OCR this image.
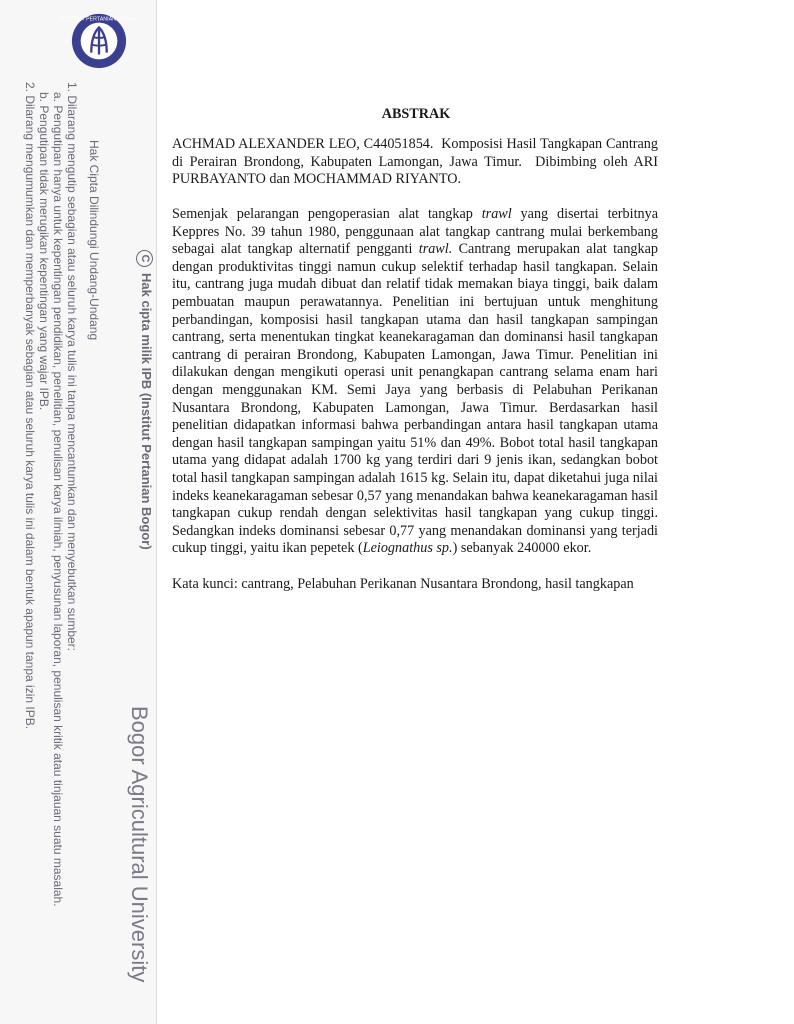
INSTITUT PERTANIAN BOGOR
Bogor Agricultural University
CHak cipta milik IPB (Institut Pertanian Bogor)
Hak Cipta Dilindungi Undang-Undang
1. Dilarang mengutip sebagian atau seluruh karya tulis ini tanpa mencantumkan dan menyebutkan sumber:
a. Pengutipan hanya untuk kepentingan pendidikan, penelitian, penulisan karya ilmiah, penyusunan laporan, penulisan kritik atau tinjauan suatu masalah.
b. Pengutipan tidak merugikan kepentingan yang wajar IPB.
2. Dilarang mengumumkan dan memperbanyak sebagian atau seluruh karya tulis ini dalam bentuk apapun tanpa izin IPB.	ABSTRAK

ACHMAD ALEXANDER LEO, C44051854. Komposisi Hasil Tangkapan Cantrang di Perairan Brondong, Kabupaten Lamongan, Jawa Timur. Dibimbing oleh ARI PURBAYANTO dan MOCHAMMAD RIYANTO.

Semenjak pelarangan pengoperasian alat tangkap trawl yang disertai terbitnya Keppres No. 39 tahun 1980, penggunaan alat tangkap cantrang mulai berkembang sebagai alat tangkap alternatif pengganti trawl. Cantrang merupakan alat tangkap dengan produktivitas tinggi namun cukup selektif terhadap hasil tangkapan. Selain itu, cantrang juga mudah dibuat dan relatif tidak memakan biaya tinggi, baik dalam pembuatan maupun perawatannya. Penelitian ini bertujuan untuk menghitung perbandingan, komposisi hasil tangkapan utama dan hasil tangkapan sampingan cantrang, serta menentukan tingkat keanekaragaman dan dominansi hasil tangkapan cantrang di perairan Brondong, Kabupaten Lamongan, Jawa Timur. Penelitian ini dilakukan dengan mengikuti operasi unit penangkapan cantrang selama enam hari dengan menggunakan KM. Semi Jaya yang berbasis di Pelabuhan Perikanan Nusantara Brondong, Kabupaten Lamongan, Jawa Timur. Berdasarkan hasil penelitian didapatkan informasi bahwa perbandingan antara hasil tangkapan utama dengan hasil tangkapan sampingan yaitu 51% dan 49%. Bobot total hasil tangkapan utama yang didapat adalah 1700 kg yang terdiri dari 9 jenis ikan, sedangkan bobot total hasil tangkapan sampingan adalah 1615 kg. Selain itu, dapat diketahui juga nilai indeks keanekaragaman sebesar 0,57 yang menandakan bahwa keanekaragaman hasil tangkapan cukup rendah dengan selektivitas hasil tangkapan yang cukup tinggi. Sedangkan indeks dominansi sebesar 0,77 yang menandakan dominansi yang terjadi cukup tinggi, yaitu ikan pepetek (Leiognathus sp.) sebanyak 240000 ekor.

Kata kunci: cantrang, Pelabuhan Perikanan Nusantara Brondong, hasil tangkapan
